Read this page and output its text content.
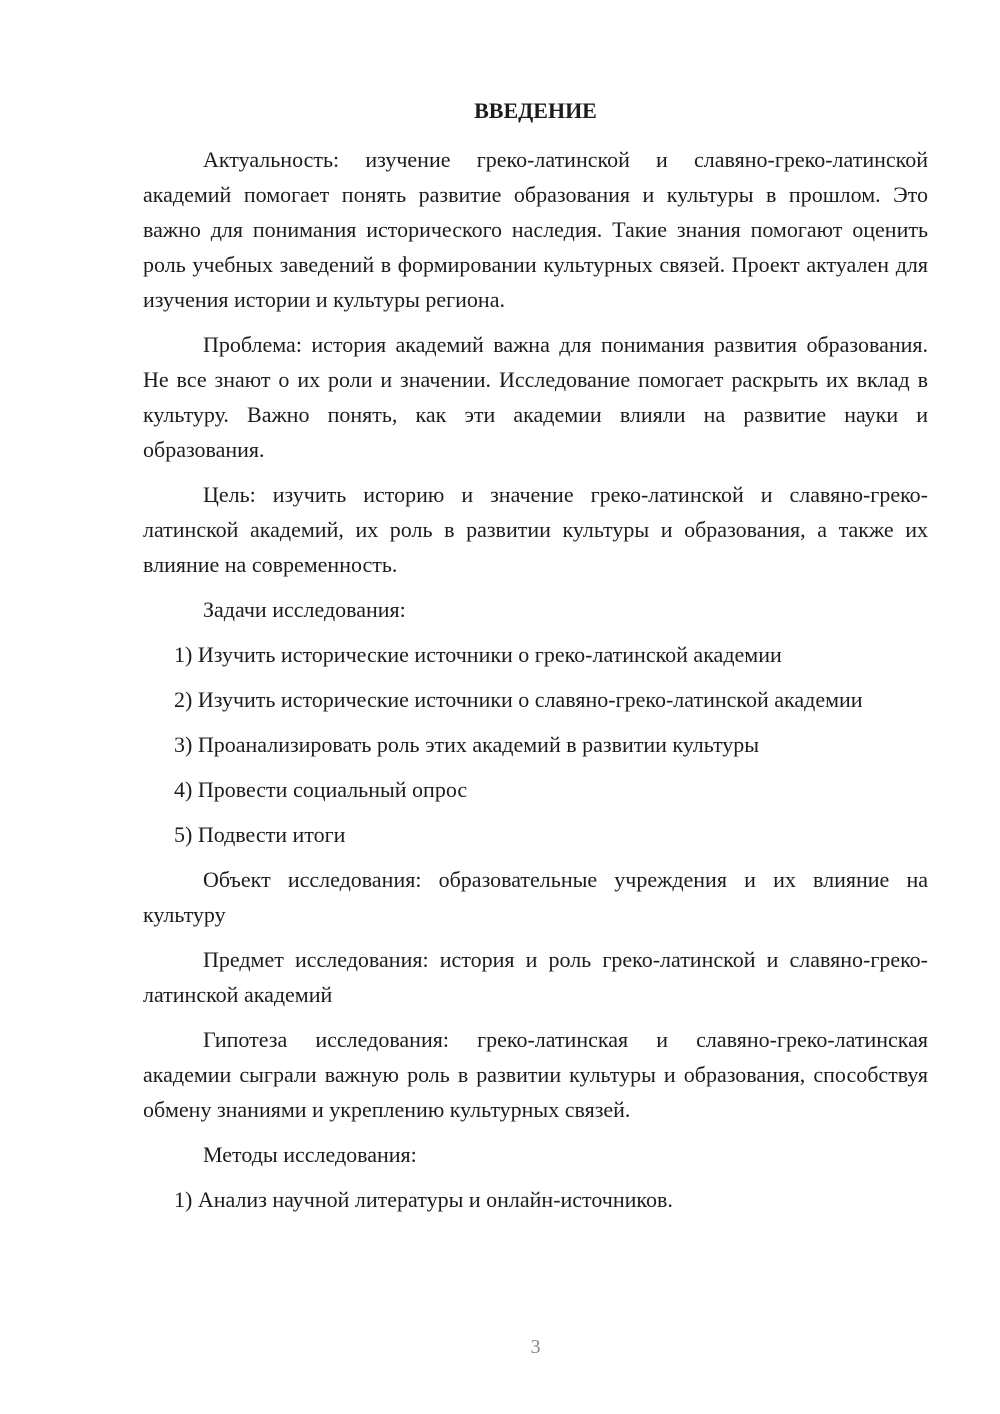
ВВЕДЕНИЕ

Актуальность: изучение греко-латинской и славяно-греко-латинской академий помогает понять развитие образования и культуры в прошлом. Это важно для понимания исторического наследия. Такие знания помогают оценить роль учебных заведений в формировании культурных связей. Проект актуален для изучения истории и культуры региона.

Проблема: история академий важна для понимания развития образования. Не все знают о их роли и значении. Исследование помогает раскрыть их вклад в культуру. Важно понять, как эти академии влияли на развитие науки и образования.

Цель: изучить историю и значение греко-латинской и славяно-греко-латинской академий, их роль в развитии культуры и образования, а также их влияние на современность.

Задачи исследования:

1) Изучить исторические источники о греко-латинской академии

2) Изучить исторические источники о славяно-греко-латинской академии

3) Проанализировать роль этих академий в развитии культуры

4) Провести социальный опрос

5) Подвести итоги

Объект исследования: образовательные учреждения и их влияние на культуру

Предмет исследования: история и роль греко-латинской и славяно-греко-латинской академий

Гипотеза исследования: греко-латинская и славяно-греко-латинская академии сыграли важную роль в развитии культуры и образования, способствуя обмену знаниями и укреплению культурных связей.

Методы исследования:

1) Анализ научной литературы и онлайн-источников.

3
